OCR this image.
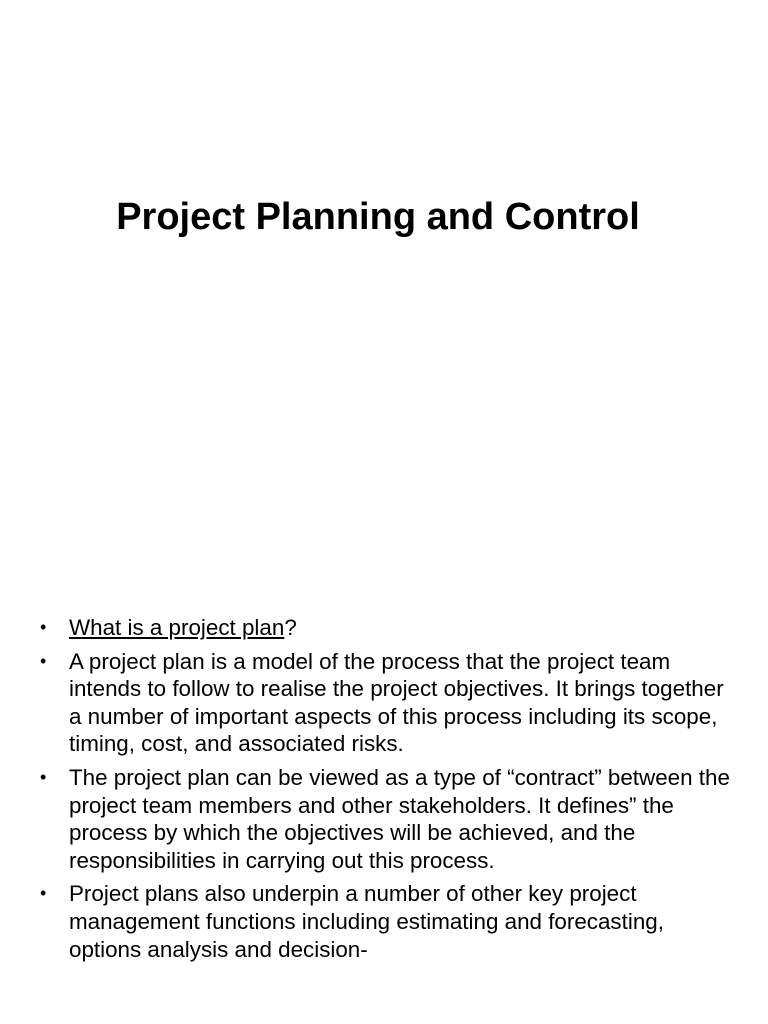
Project Planning and Control
• What is a project plan?
• A project plan is a model of the process that the project team intends to follow to realise the project objectives. It brings together a number of important aspects of this process including its scope, timing, cost, and associated risks.
• The project plan can be viewed as a type of “contract” between the project team members and other stakeholders. It defines” the process by which the objectives will be achieved, and the responsibilities in carrying out this process.
• Project plans also underpin a number of other key project management functions including estimating and forecasting, options analysis and decision-
